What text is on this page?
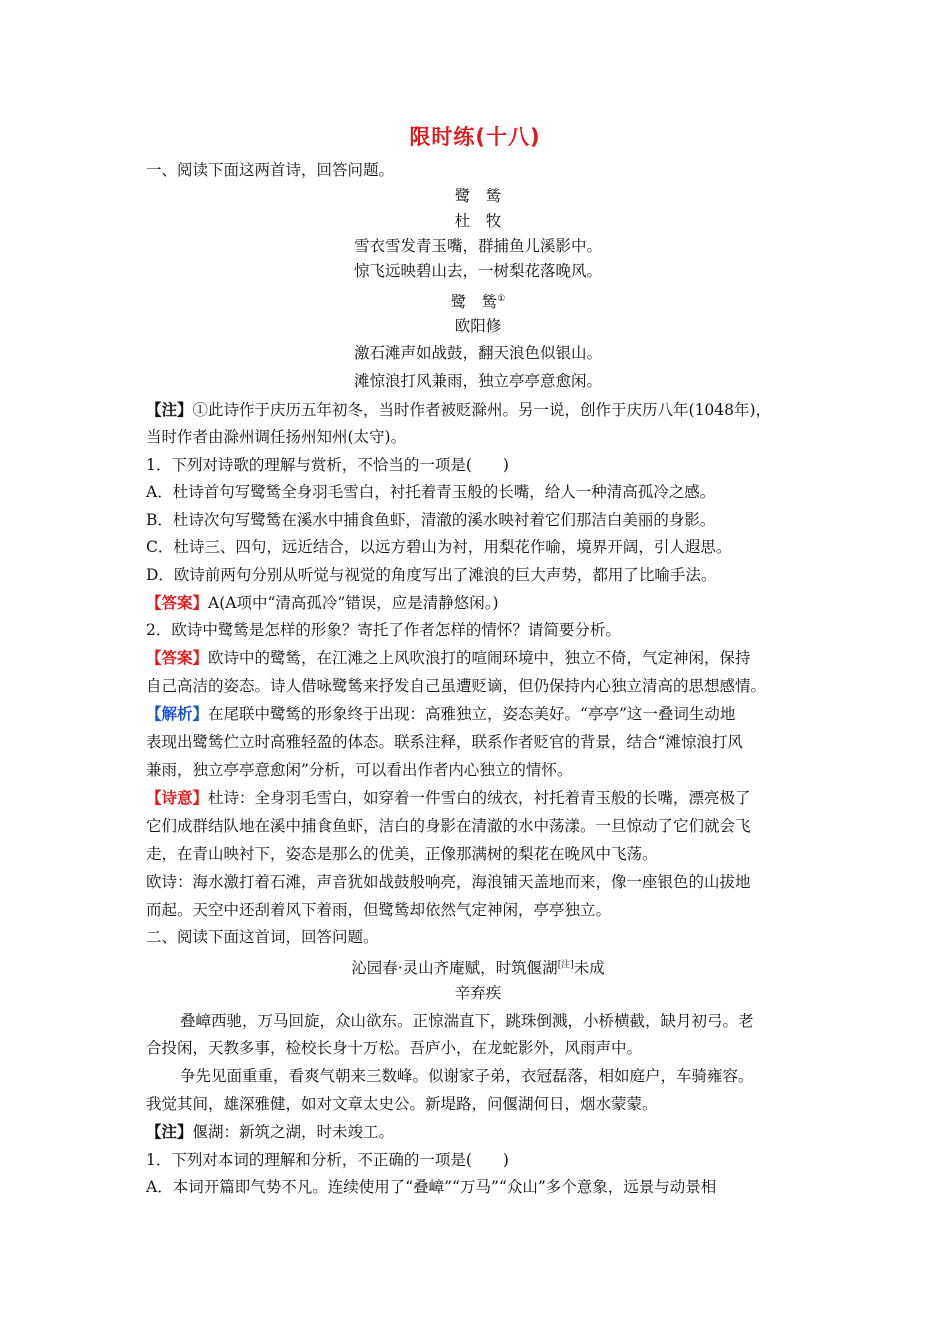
限时练(十八)
一、阅读下面这两首诗，回答问题。
鹭　鸶
杜　牧
雪衣雪发青玉嘴，群捕鱼儿溪影中。
惊飞远映碧山去，一树梨花落晚风。
鹭　鸶①
欧阳修
激石滩声如战鼓，翻天浪色似银山。
滩惊浪打风兼雨，独立亭亭意愈闲。
【注】①此诗作于庆历五年初冬，当时作者被贬滁州。另一说，创作于庆历八年(1048年)，
当时作者由滁州调任扬州知州(太守)。
1．下列对诗歌的理解与赏析，不恰当的一项是(　　)
A．杜诗首句写鹭鸶全身羽毛雪白，衬托着青玉般的长嘴，给人一种清高孤冷之感。
B．杜诗次句写鹭鸶在溪水中捕食鱼虾，清澈的溪水映衬着它们那洁白美丽的身影。
C．杜诗三、四句，远近结合，以远方碧山为衬，用梨花作喻，境界开阔，引人遐思。
D．欧诗前两句分别从听觉与视觉的角度写出了滩浪的巨大声势，都用了比喻手法。
【答案】A(A项中“清高孤冷”错误，应是清静悠闲。)
2．欧诗中鹭鸶是怎样的形象？寄托了作者怎样的情怀？请简要分析。
【答案】欧诗中的鹭鸶，在江滩之上风吹浪打的喧闹环境中，独立不倚，气定神闲，保持
自己高洁的姿态。诗人借咏鹭鸶来抒发自己虽遭贬谪，但仍保持内心独立清高的思想感情。
【解析】在尾联中鹭鸶的形象终于出现：高雅独立，姿态美好。“亭亭”这一叠词生动地
表现出鹭鸶伫立时高雅轻盈的体态。联系注释，联系作者贬官的背景，结合“滩惊浪打风
兼雨，独立亭亭意愈闲”分析，可以看出作者内心独立的情怀。
【诗意】杜诗：全身羽毛雪白，如穿着一件雪白的绒衣，衬托着青玉般的长嘴，漂亮极了
它们成群结队地在溪中捕食鱼虾，洁白的身影在清澈的水中荡漾。一旦惊动了它们就会飞
走，在青山映衬下，姿态是那么的优美，正像那满树的梨花在晚风中飞荡。
欧诗：海水激打着石滩，声音犹如战鼓般响亮，海浪铺天盖地而来，像一座银色的山拔地
而起。天空中还刮着风下着雨，但鹭鸶却依然气定神闲，亭亭独立。
二、阅读下面这首词，回答问题。
沁园春·灵山齐庵赋，时筑偃湖[注]未成
辛弃疾
叠嶂西驰，万马回旋，众山欲东。正惊湍直下，跳珠倒溅，小桥横截，缺月初弓。老
合投闲，天教多事，检校长身十万松。吾庐小，在龙蛇影外，风雨声中。
争先见面重重，看爽气朝来三数峰。似谢家子弟，衣冠磊落，相如庭户，车骑雍容。
我觉其间，雄深雅健，如对文章太史公。新堤路，问偃湖何日，烟水蒙蒙。
【注】偃湖：新筑之湖，时未竣工。
1．下列对本词的理解和分析，不正确的一项是(　　)
A．本词开篇即气势不凡。连续使用了“叠嶂”“万马”“众山”多个意象，远景与动景相
